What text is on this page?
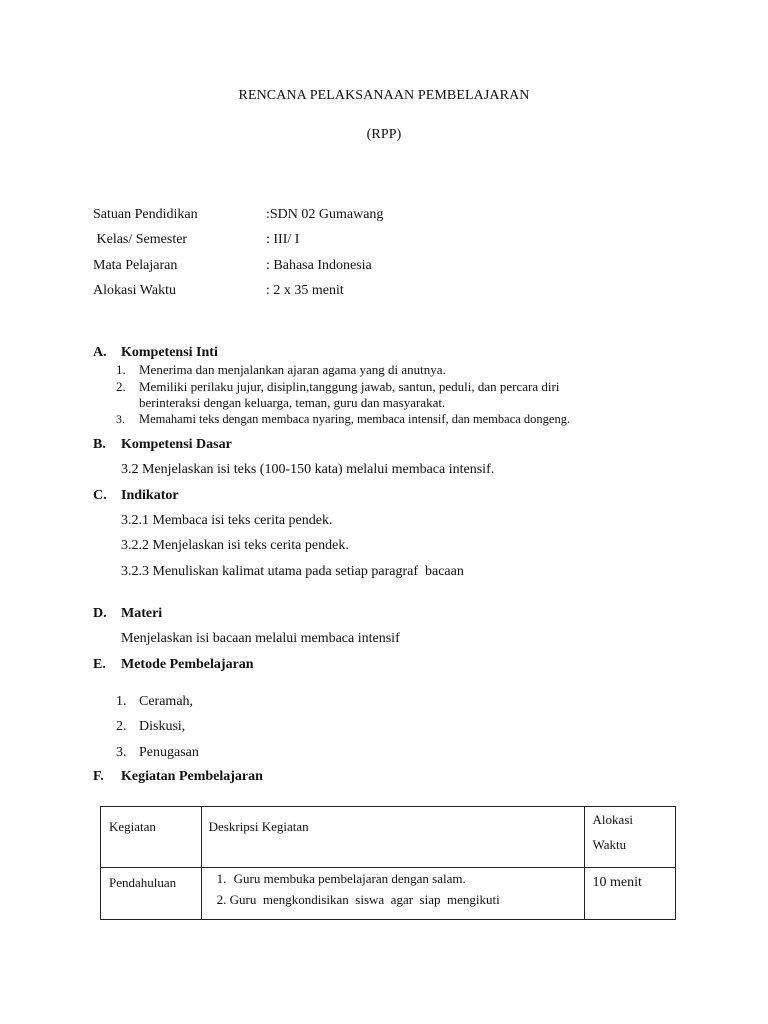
RENCANA PELAKSANAAN PEMBELAJARAN
(RPP)
Satuan Pendidikan	:SDN 02 Gumawang
Kelas/ Semester	: III/ I
Mata Pelajaran	: Bahasa Indonesia
Alokasi Waktu	: 2 x 35 menit
A. Kompetensi Inti
1. Menerima dan menjalankan ajaran agama yang di anutnya.
2. Memiliki perilaku jujur, disiplin,tanggung jawab, santun, peduli, dan percara diri
berinteraksi dengan keluarga, teman, guru dan masyarakat.
3. Memahami teks dengan membaca nyaring, membaca intensif, dan membaca dongeng.
B. Kompetensi Dasar
3.2 Menjelaskan isi teks (100-150 kata) melalui membaca intensif.
C. Indikator
3.2.1 Membaca isi teks cerita pendek.
3.2.2 Menjelaskan isi teks cerita pendek.
3.2.3 Menuliskan kalimat utama pada setiap paragraf  bacaan
D. Materi
Menjelaskan isi bacaan melalui membaca intensif
E. Metode Pembelajaran
1. Ceramah,
2. Diskusi,
3. Penugasan
F. Kegiatan Pembelajaran
Kegiatan	Deskripsi Kegiatan	Alokasi
Waktu

Pendahuluan	1. Guru membuka pembelajaran dengan salam.
2. Guru  mengkondisikan  siswa  agar  siap  mengikuti	10 menit
